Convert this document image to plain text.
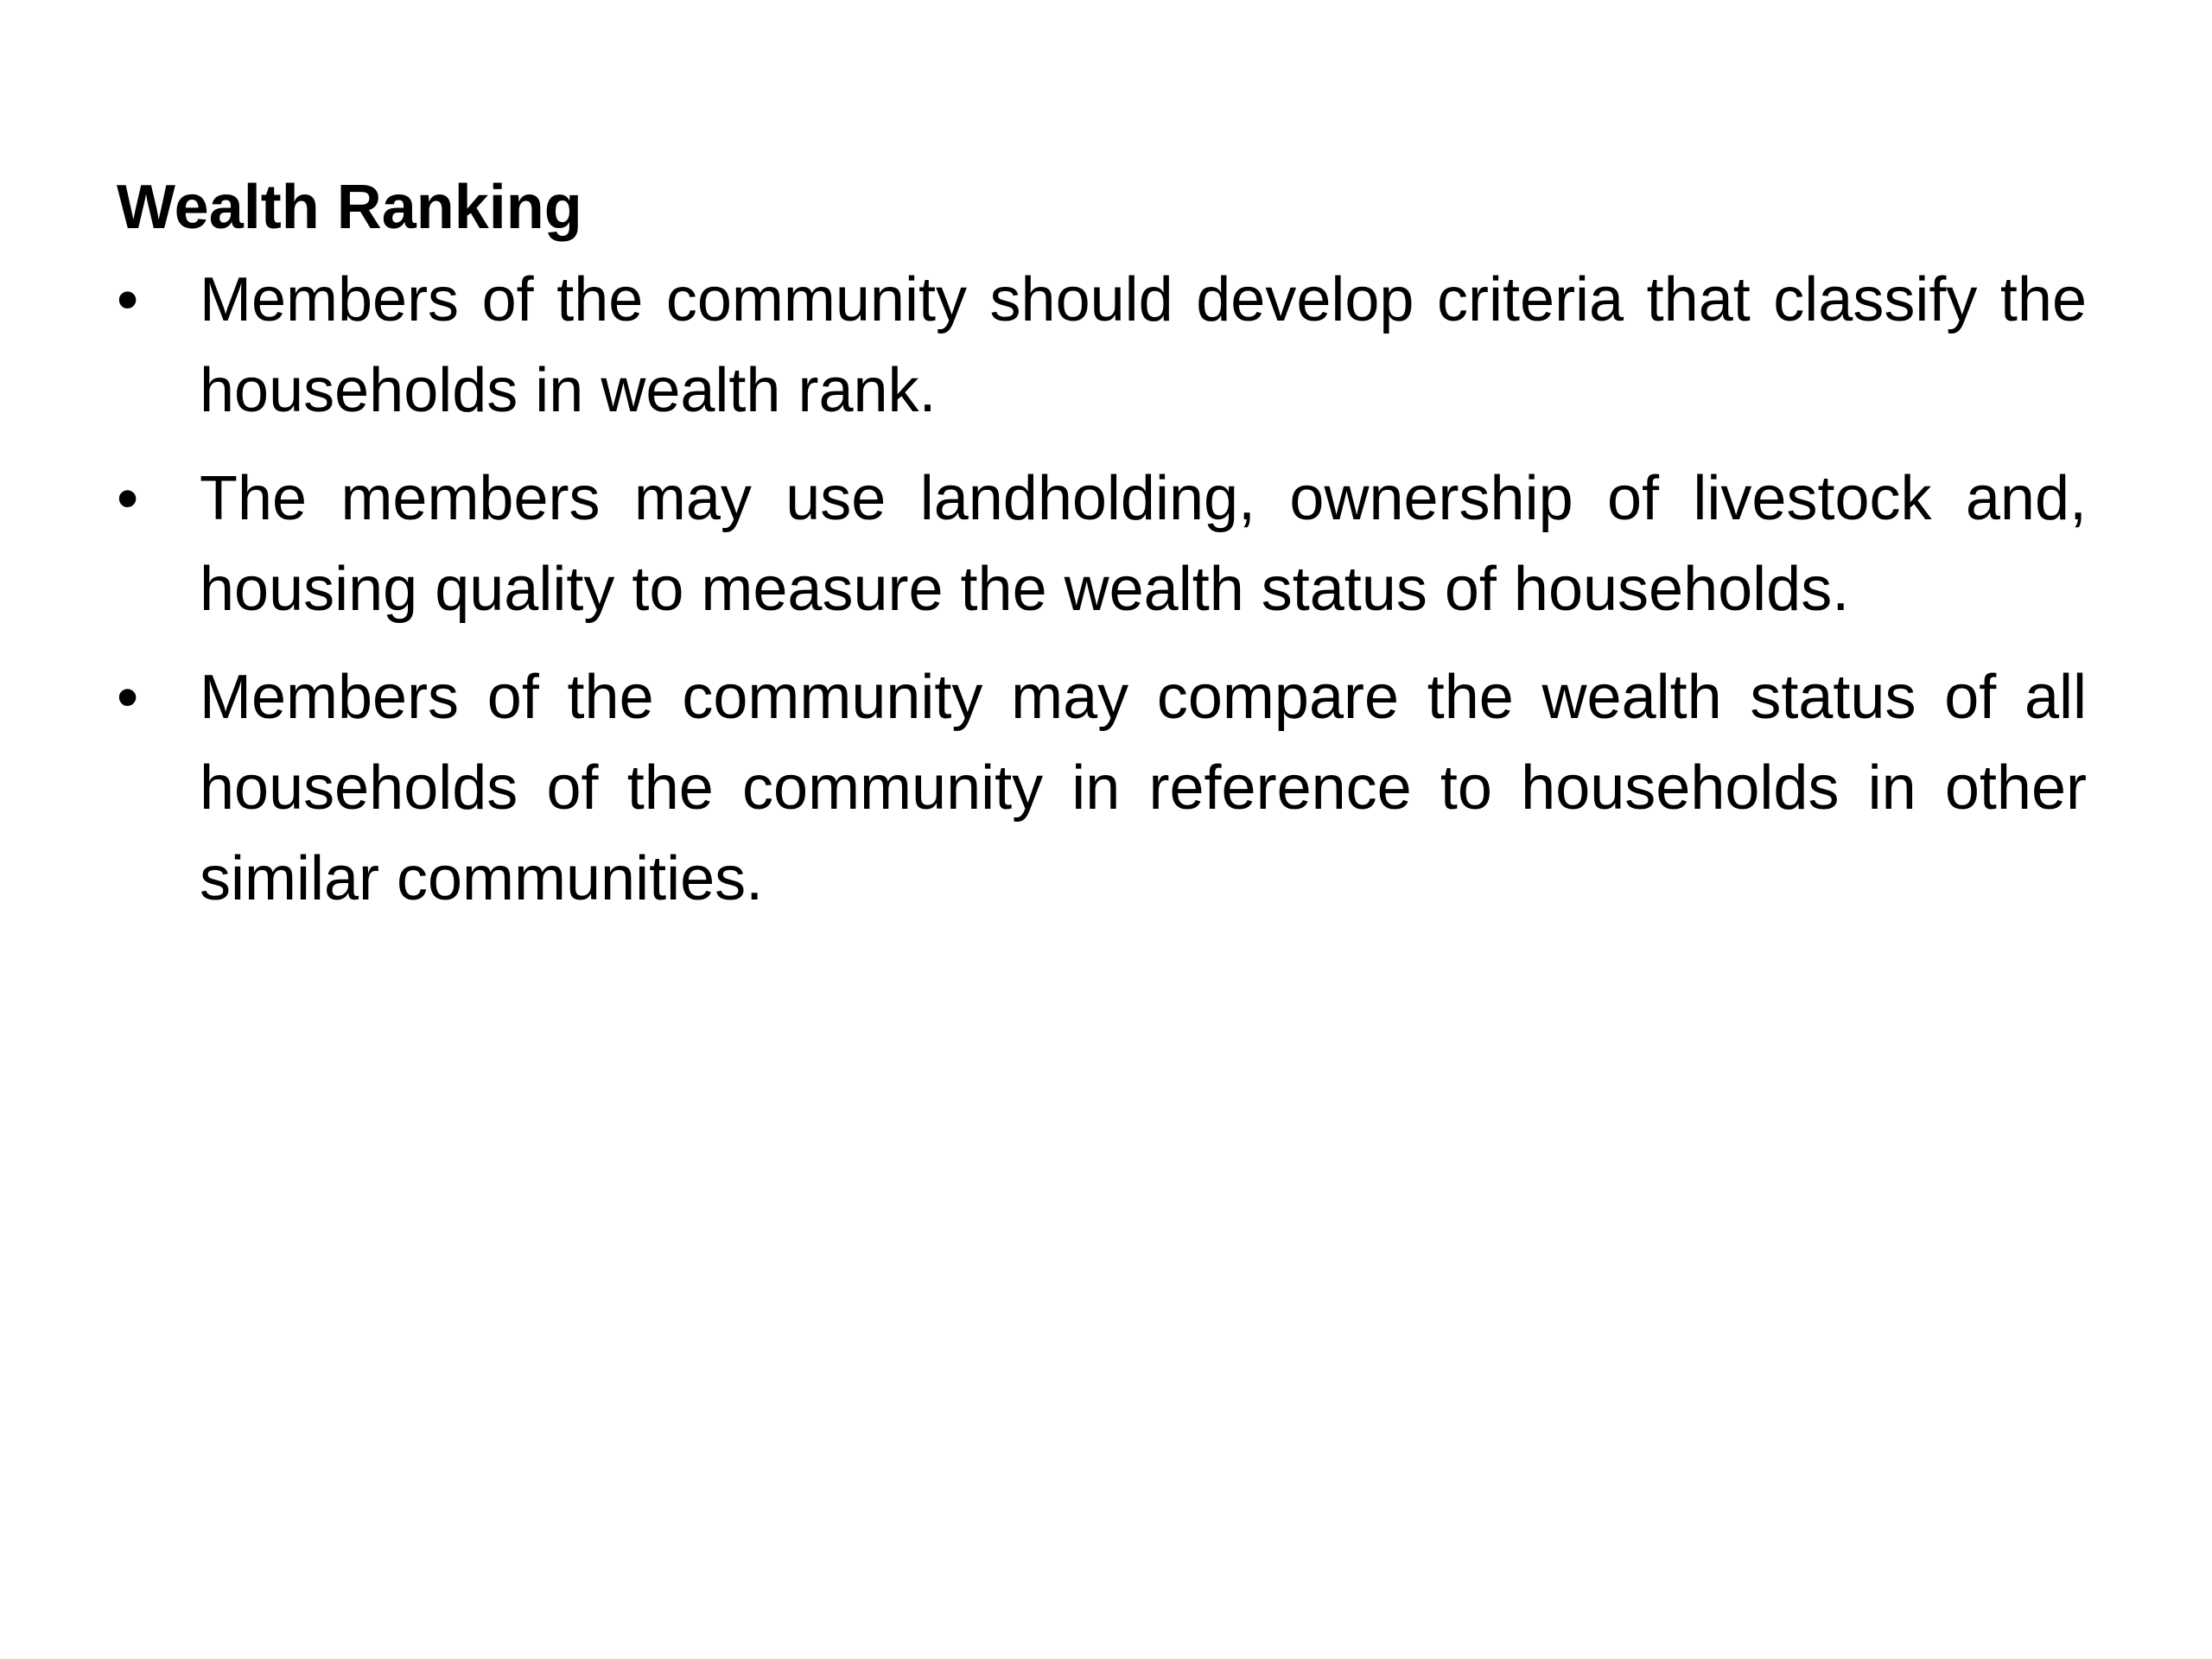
Wealth Ranking
• Members of the community should develop criteria that classify the households in wealth rank.
• The members may use landholding, ownership of livestock and, housing quality to measure the wealth status of households.
• Members of the community may compare the wealth status of all households of the community in reference to households in other similar communities.
